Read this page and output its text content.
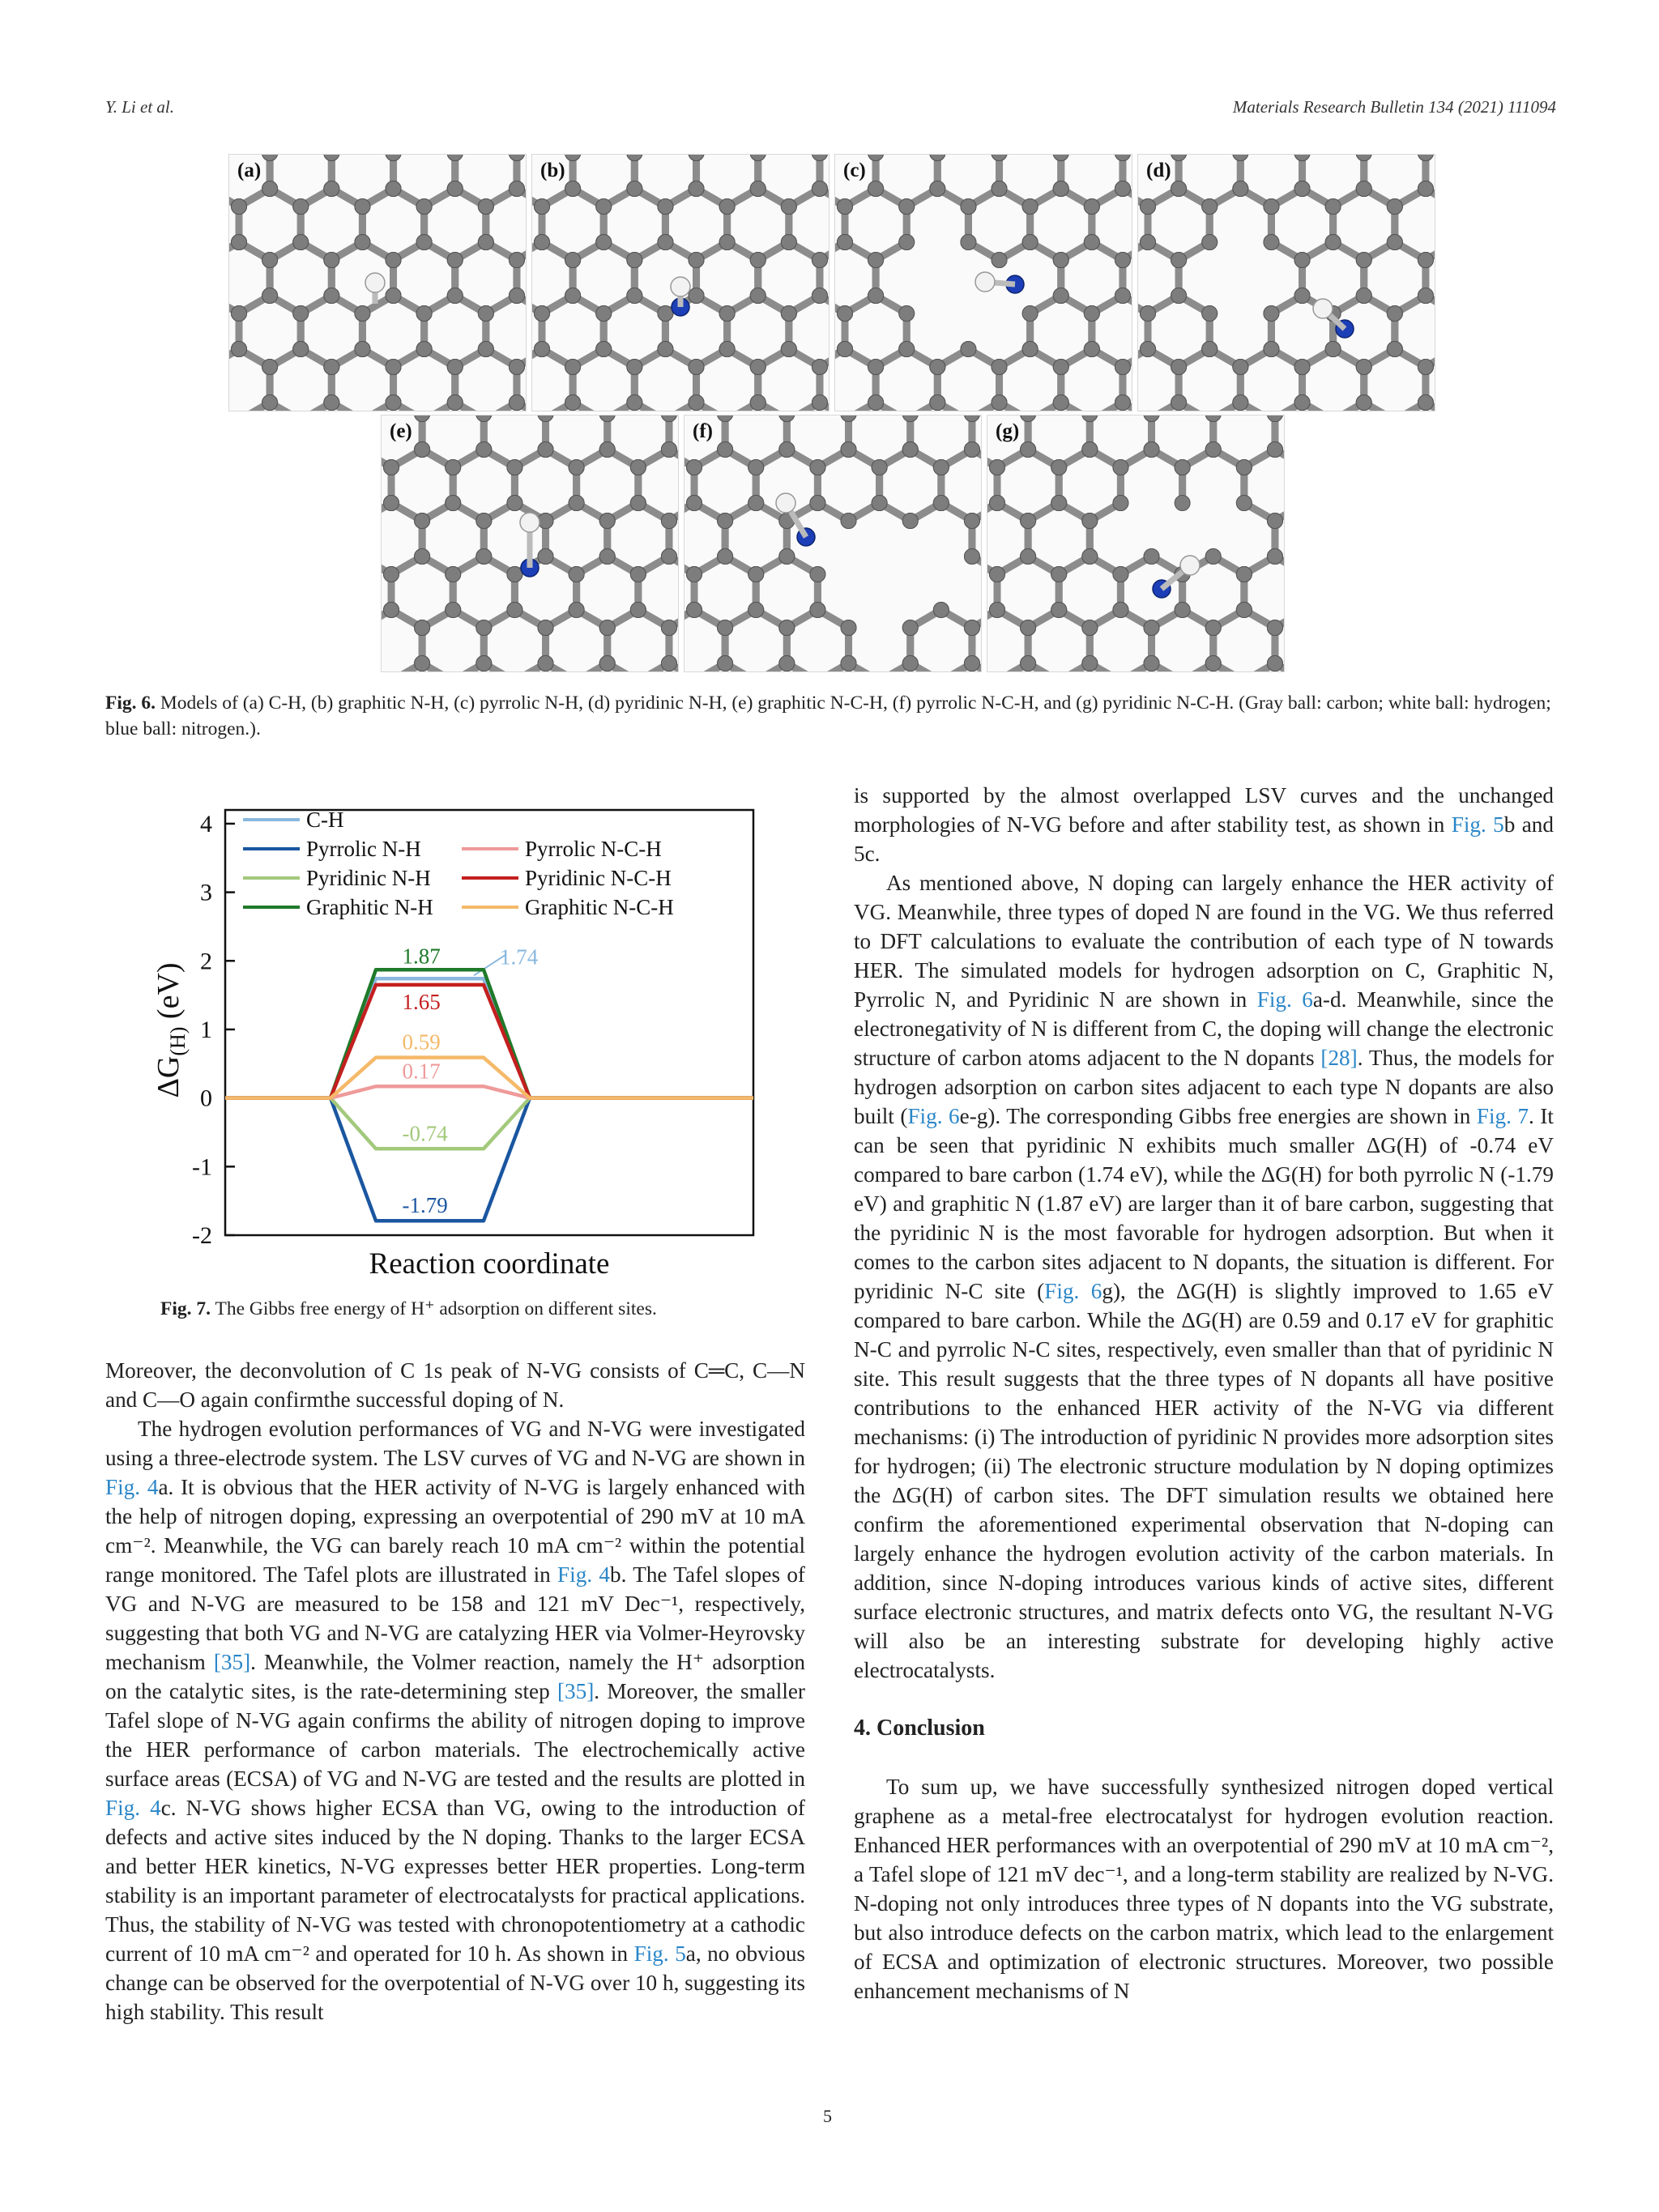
Y. Li et al.	Materials Research Bulletin 134 (2021) 111094
(a)	(b)	(c)	(d)
(e)	(f)	(g)
Fig. 6. Models of (a) C-H, (b) graphitic N-H, (c) pyrrolic N-H, (d) pyridinic N-H, (e) graphitic N-C-H, (f) pyrrolic N-C-H, and (g) pyridinic N-C-H. (Gray ball: carbon; white ball: hydrogen; blue ball: nitrogen.).
$\Delta G_{(H)}$ (eV)
Reaction coordinate
4
3
2
1
0
-1
-2
1.74
-1.79
-0.74
1.87
0.17
1.65
0.59
C-H
Pyrrolic N-H
Pyridinic N-H
Graphitic N-H
Pyrrolic N-C-H
Pyridinic N-C-H
Graphitic N-C-H
Fig. 7. The Gibbs free energy of H⁺ adsorption on different sites.

Moreover, the deconvolution of C 1s peak of N-VG consists of C═C, C—N and C—O again confirmthe successful doping of N.

The hydrogen evolution performances of VG and N-VG were investigated using a three-electrode system. The LSV curves of VG and N-VG are shown in Fig. 4a. It is obvious that the HER activity of N-VG is largely enhanced with the help of nitrogen doping, expressing an overpotential of 290 mV at 10 mA cm⁻². Meanwhile, the VG can barely reach 10 mA cm⁻² within the potential range monitored. The Tafel plots are illustrated in Fig. 4b. The Tafel slopes of VG and N-VG are measured to be 158 and 121 mV Dec⁻¹, respectively, suggesting that both VG and N-VG are catalyzing HER via Volmer-Heyrovsky mechanism [35]. Meanwhile, the Volmer reaction, namely the H⁺ adsorption on the catalytic sites, is the rate-determining step [35]. Moreover, the smaller Tafel slope of N-VG again confirms the ability of nitrogen doping to improve the HER performance of carbon materials. The electrochemically active surface areas (ECSA) of VG and N-VG are tested and the results are plotted in Fig. 4c. N-VG shows higher ECSA than VG, owing to the introduction of defects and active sites induced by the N doping. Thanks to the larger ECSA and better HER kinetics, N-VG expresses better HER properties. Long-term stability is an important parameter of electrocatalysts for practical applications. Thus, the stability of N-VG was tested with chronopotentiometry at a cathodic current of 10 mA cm⁻² and operated for 10 h. As shown in Fig. 5a, no obvious change can be observed for the overpotential of N-VG over 10 h, suggesting its high stability. This result

is supported by the almost overlapped LSV curves and the unchanged morphologies of N-VG before and after stability test, as shown in Fig. 5b and 5c.

As mentioned above, N doping can largely enhance the HER activity of VG. Meanwhile, three types of doped N are found in the VG. We thus referred to DFT calculations to evaluate the contribution of each type of N towards HER. The simulated models for hydrogen adsorption on C, Graphitic N, Pyrrolic N, and Pyridinic N are shown in Fig. 6a-d. Meanwhile, since the electronegativity of N is different from C, the doping will change the electronic structure of carbon atoms adjacent to the N dopants [28]. Thus, the models for hydrogen adsorption on carbon sites adjacent to each type N dopants are also built (Fig. 6e-g). The corresponding Gibbs free energies are shown in Fig. 7. It can be seen that pyridinic N exhibits much smaller ΔG(H) of -0.74 eV compared to bare carbon (1.74 eV), while the ΔG(H) for both pyrrolic N (-1.79 eV) and graphitic N (1.87 eV) are larger than it of bare carbon, suggesting that the pyridinic N is the most favorable for hydrogen adsorption. But when it comes to the carbon sites adjacent to N dopants, the situation is different. For pyridinic N-C site (Fig. 6g), the ΔG(H) is slightly improved to 1.65 eV compared to bare carbon. While the ΔG(H) are 0.59 and 0.17 eV for graphitic N-C and pyrrolic N-C sites, respectively, even smaller than that of pyridinic N site. This result suggests that the three types of N dopants all have positive contributions to the enhanced HER activity of the N-VG via different mechanisms: (i) The introduction of pyridinic N provides more adsorption sites for hydrogen; (ii) The electronic structure modulation by N doping optimizes the ΔG(H) of carbon sites. The DFT simulation results we obtained here confirm the aforementioned experimental observation that N-doping can largely enhance the hydrogen evolution activity of the carbon materials. In addition, since N-doping introduces various kinds of active sites, different surface electronic structures, and matrix defects onto VG, the resultant N-VG will also be an interesting substrate for developing highly active electrocatalysts.

4. Conclusion

To sum up, we have successfully synthesized nitrogen doped vertical graphene as a metal-free electrocatalyst for hydrogen evolution reaction. Enhanced HER performances with an overpotential of 290 mV at 10 mA cm⁻², a Tafel slope of 121 mV dec⁻¹, and a long-term stability are realized by N-VG. N-doping not only introduces three types of N dopants into the VG substrate, but also introduce defects on the carbon matrix, which lead to the enlargement of ECSA and optimization of electronic structures. Moreover, two possible enhancement mechanisms of N

5
